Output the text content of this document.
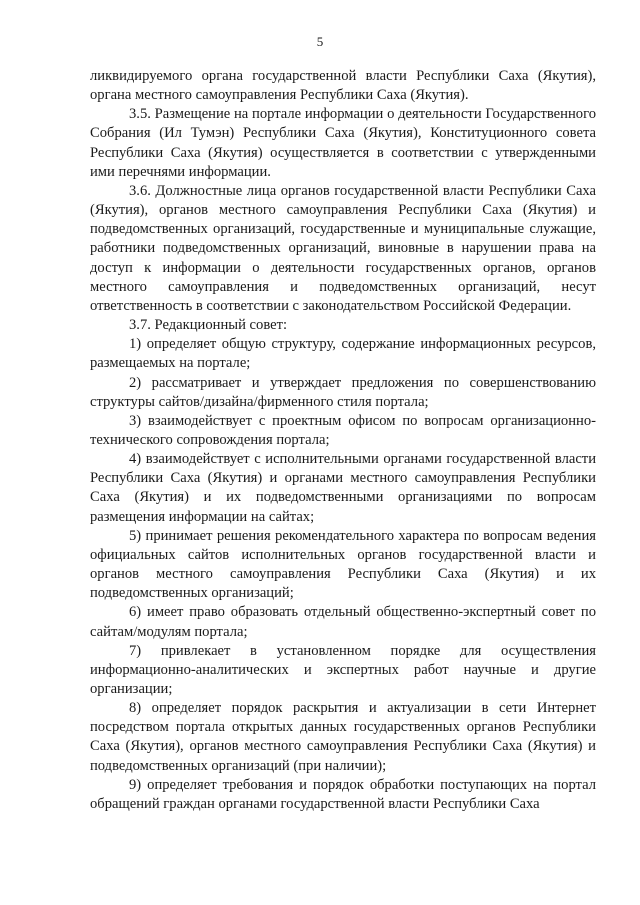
5

ликвидируемого органа государственной власти Республики Саха (Якутия), органа местного самоуправления Республики Саха (Якутия).

3.5. Размещение на портале информации о деятельности Государственного Собрания (Ил Тумэн) Республики Саха (Якутия), Конституционного совета Республики Саха (Якутия) осуществляется в соответствии с утвержденными ими перечнями информации.

3.6. Должностные лица органов государственной власти Республики Саха (Якутия), органов местного самоуправления Республики Саха (Якутия) и подведомственных организаций, государственные и муниципальные служащие, работники подведомственных организаций, виновные в нарушении права на доступ к информации о деятельности государственных органов, органов местного самоуправления и подведомственных организаций, несут ответственность в соответствии с законодательством Российской Федерации.

3.7. Редакционный совет:

1) определяет общую структуру, содержание информационных ресурсов, размещаемых на портале;

2) рассматривает и утверждает предложения по совершенствованию структуры сайтов/дизайна/фирменного стиля портала;

3) взаимодействует с проектным офисом по вопросам организационно-технического сопровождения портала;

4) взаимодействует с исполнительными органами государственной власти Республики Саха (Якутия) и органами местного самоуправления Республики Саха (Якутия) и их подведомственными организациями по вопросам размещения информации на сайтах;

5) принимает решения рекомендательного характера по вопросам ведения официальных сайтов исполнительных органов государственной власти и органов местного самоуправления Республики Саха (Якутия) и их подведомственных организаций;

6) имеет право образовать отдельный общественно-экспертный совет по сайтам/модулям портала;

7) привлекает в установленном порядке для осуществления информационно-аналитических и экспертных работ научные и другие организации;

8) определяет порядок раскрытия и актуализации в сети Интернет посредством портала открытых данных государственных органов Республики Саха (Якутия), органов местного самоуправления Республики Саха (Якутия) и подведомственных организаций (при наличии);

9) определяет требования и порядок обработки поступающих на портал обращений граждан органами государственной власти Республики Саха
